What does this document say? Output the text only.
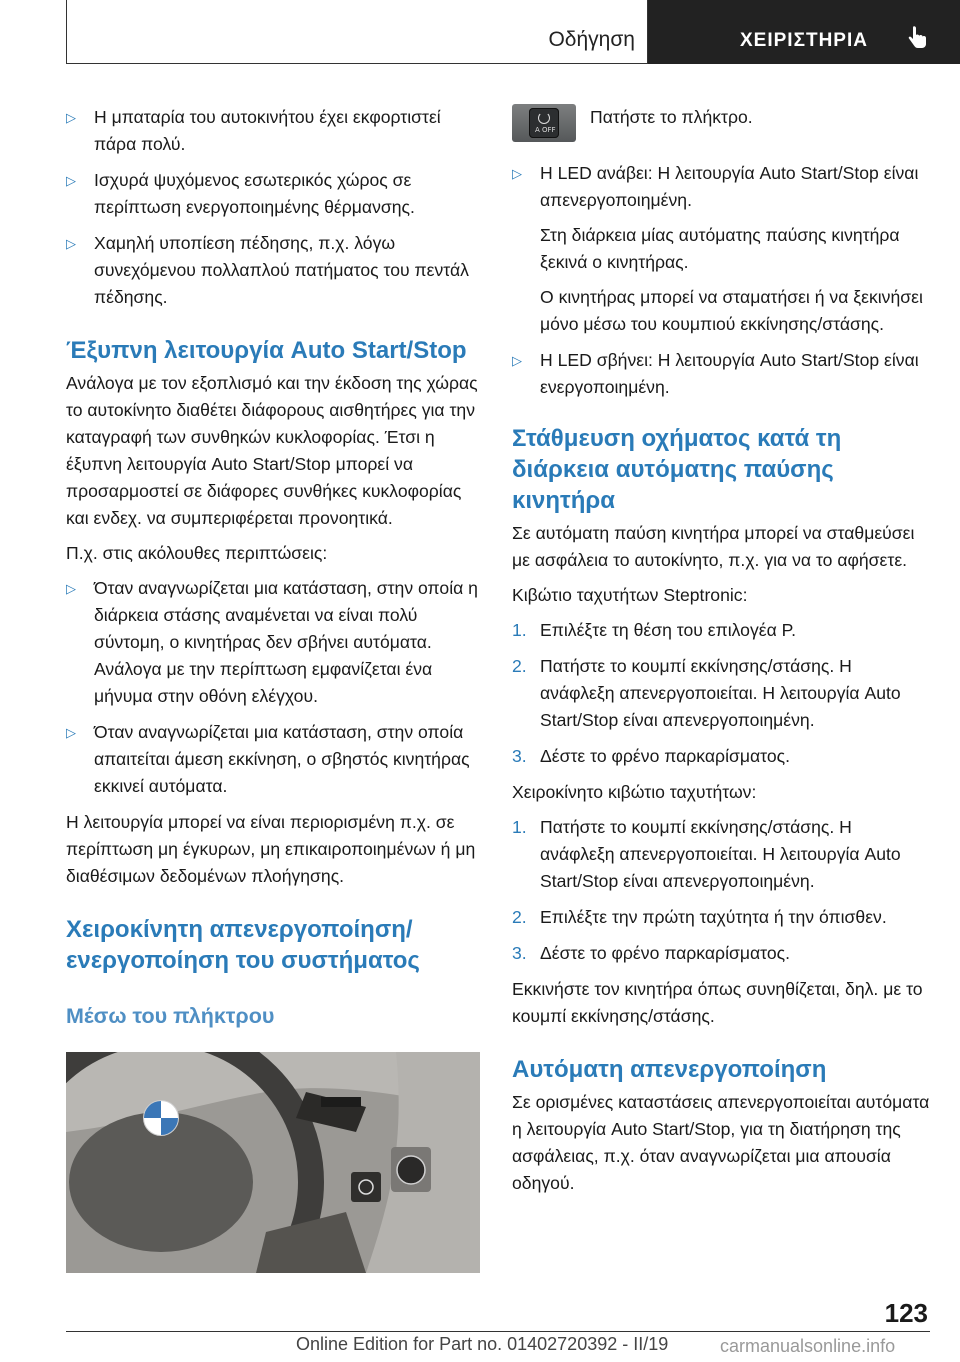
Οδήγηση	ΧΕΙΡΙΣΤΗΡΙΑ
▷ Η μπαταρία του αυτοκινήτου έχει εκφορτιστεί πάρα πολύ.
▷ Ισχυρά ψυχόμενος εσωτερικός χώρος σε περίπτωση ενεργοποιημένης θέρμανσης.
▷ Χαμηλή υποπίεση πέδησης, π.χ. λόγω συνεχόμενου πολλαπλού πατήματος του πεντάλ πέδησης.
Έξυπνη λειτουργία Auto Start/Stop

Ανάλογα με τον εξοπλισμό και την έκδοση της χώρας το αυτοκίνητο διαθέτει διάφορους αισθητήρες για την καταγραφή των συνθηκών κυκλοφορίας. Έτσι η έξυπνη λειτουργία Auto Start/Stop μπορεί να προσαρμοστεί σε διάφορες συνθήκες κυκλοφορίας και ενδεχ. να συμπεριφέρεται προνοητικά.

Π.χ. στις ακόλουθες περιπτώσεις:

▷ Όταν αναγνωρίζεται μια κατάσταση, στην οποία η διάρκεια στάσης αναμένεται να είναι πολύ σύντομη, ο κινητήρας δεν σβήνει αυτόματα. Ανάλογα με την περίπτωση εμφανίζεται ένα μήνυμα στην οθόνη ελέγχου.
▷ Όταν αναγνωρίζεται μια κατάσταση, στην οποία απαιτείται άμεση εκκίνηση, ο σβηστός κινητήρας εκκινεί αυτόματα.

Η λειτουργία μπορεί να είναι περιορισμένη π.χ. σε περίπτωση μη έγκυρων, μη επικαιροποιημένων ή μη διαθέσιμων δεδομένων πλοήγησης.

Χειροκίνητη απενεργοποίηση/ενεργοποίηση του συστήματος
Μέσω του πλήκτρου
A OFF

Πατήστε το πλήκτρο.

▷ Η LED ανάβει: Η λειτουργία Auto Start/Stop είναι απενεργοποιημένη.
Στη διάρκεια μίας αυτόματης παύσης κινητήρα ξεκινά ο κινητήρας.
Ο κινητήρας μπορεί να σταματήσει ή να ξεκινήσει μόνο μέσω του κουμπιού εκκίνησης/στάσης.
▷ Η LED σβήνει: Η λειτουργία Auto Start/Stop είναι ενεργοποιημένη.
Στάθμευση οχήματος κατά τη διάρκεια αυτόματης παύσης κινητήρα

Σε αυτόματη παύση κινητήρα μπορεί να σταθμεύσει με ασφάλεια το αυτοκίνητο, π.χ. για να το αφήσετε.

Κιβώτιο ταχυτήτων Steptronic:

1. Επιλέξτε τη θέση του επιλογέα P.
2. Πατήστε το κουμπί εκκίνησης/στάσης. Η ανάφλεξη απενεργοποιείται. Η λειτουργία Auto Start/Stop είναι απενεργοποιημένη.
3. Δέστε το φρένο παρκαρίσματος.

Χειροκίνητο κιβώτιο ταχυτήτων:

1. Πατήστε το κουμπί εκκίνησης/στάσης. Η ανάφλεξη απενεργοποιείται. Η λειτουργία Auto Start/Stop είναι απενεργοποιημένη.
2. Επιλέξτε την πρώτη ταχύτητα ή την όπισθεν.
3. Δέστε το φρένο παρκαρίσματος.

Εκκινήστε τον κινητήρα όπως συνηθίζεται, δηλ. με το κουμπί εκκίνησης/στάσης.

Αυτόματη απενεργοποίηση

Σε ορισμένες καταστάσεις απενεργοποιείται αυτόματα η λειτουργία Auto Start/Stop, για τη διατήρηση της ασφάλειας, π.χ. όταν αναγνωρίζεται μια απουσία οδηγού.

123
Online Edition for Part no. 01402720392 - II/19	carmanualsonline.info
